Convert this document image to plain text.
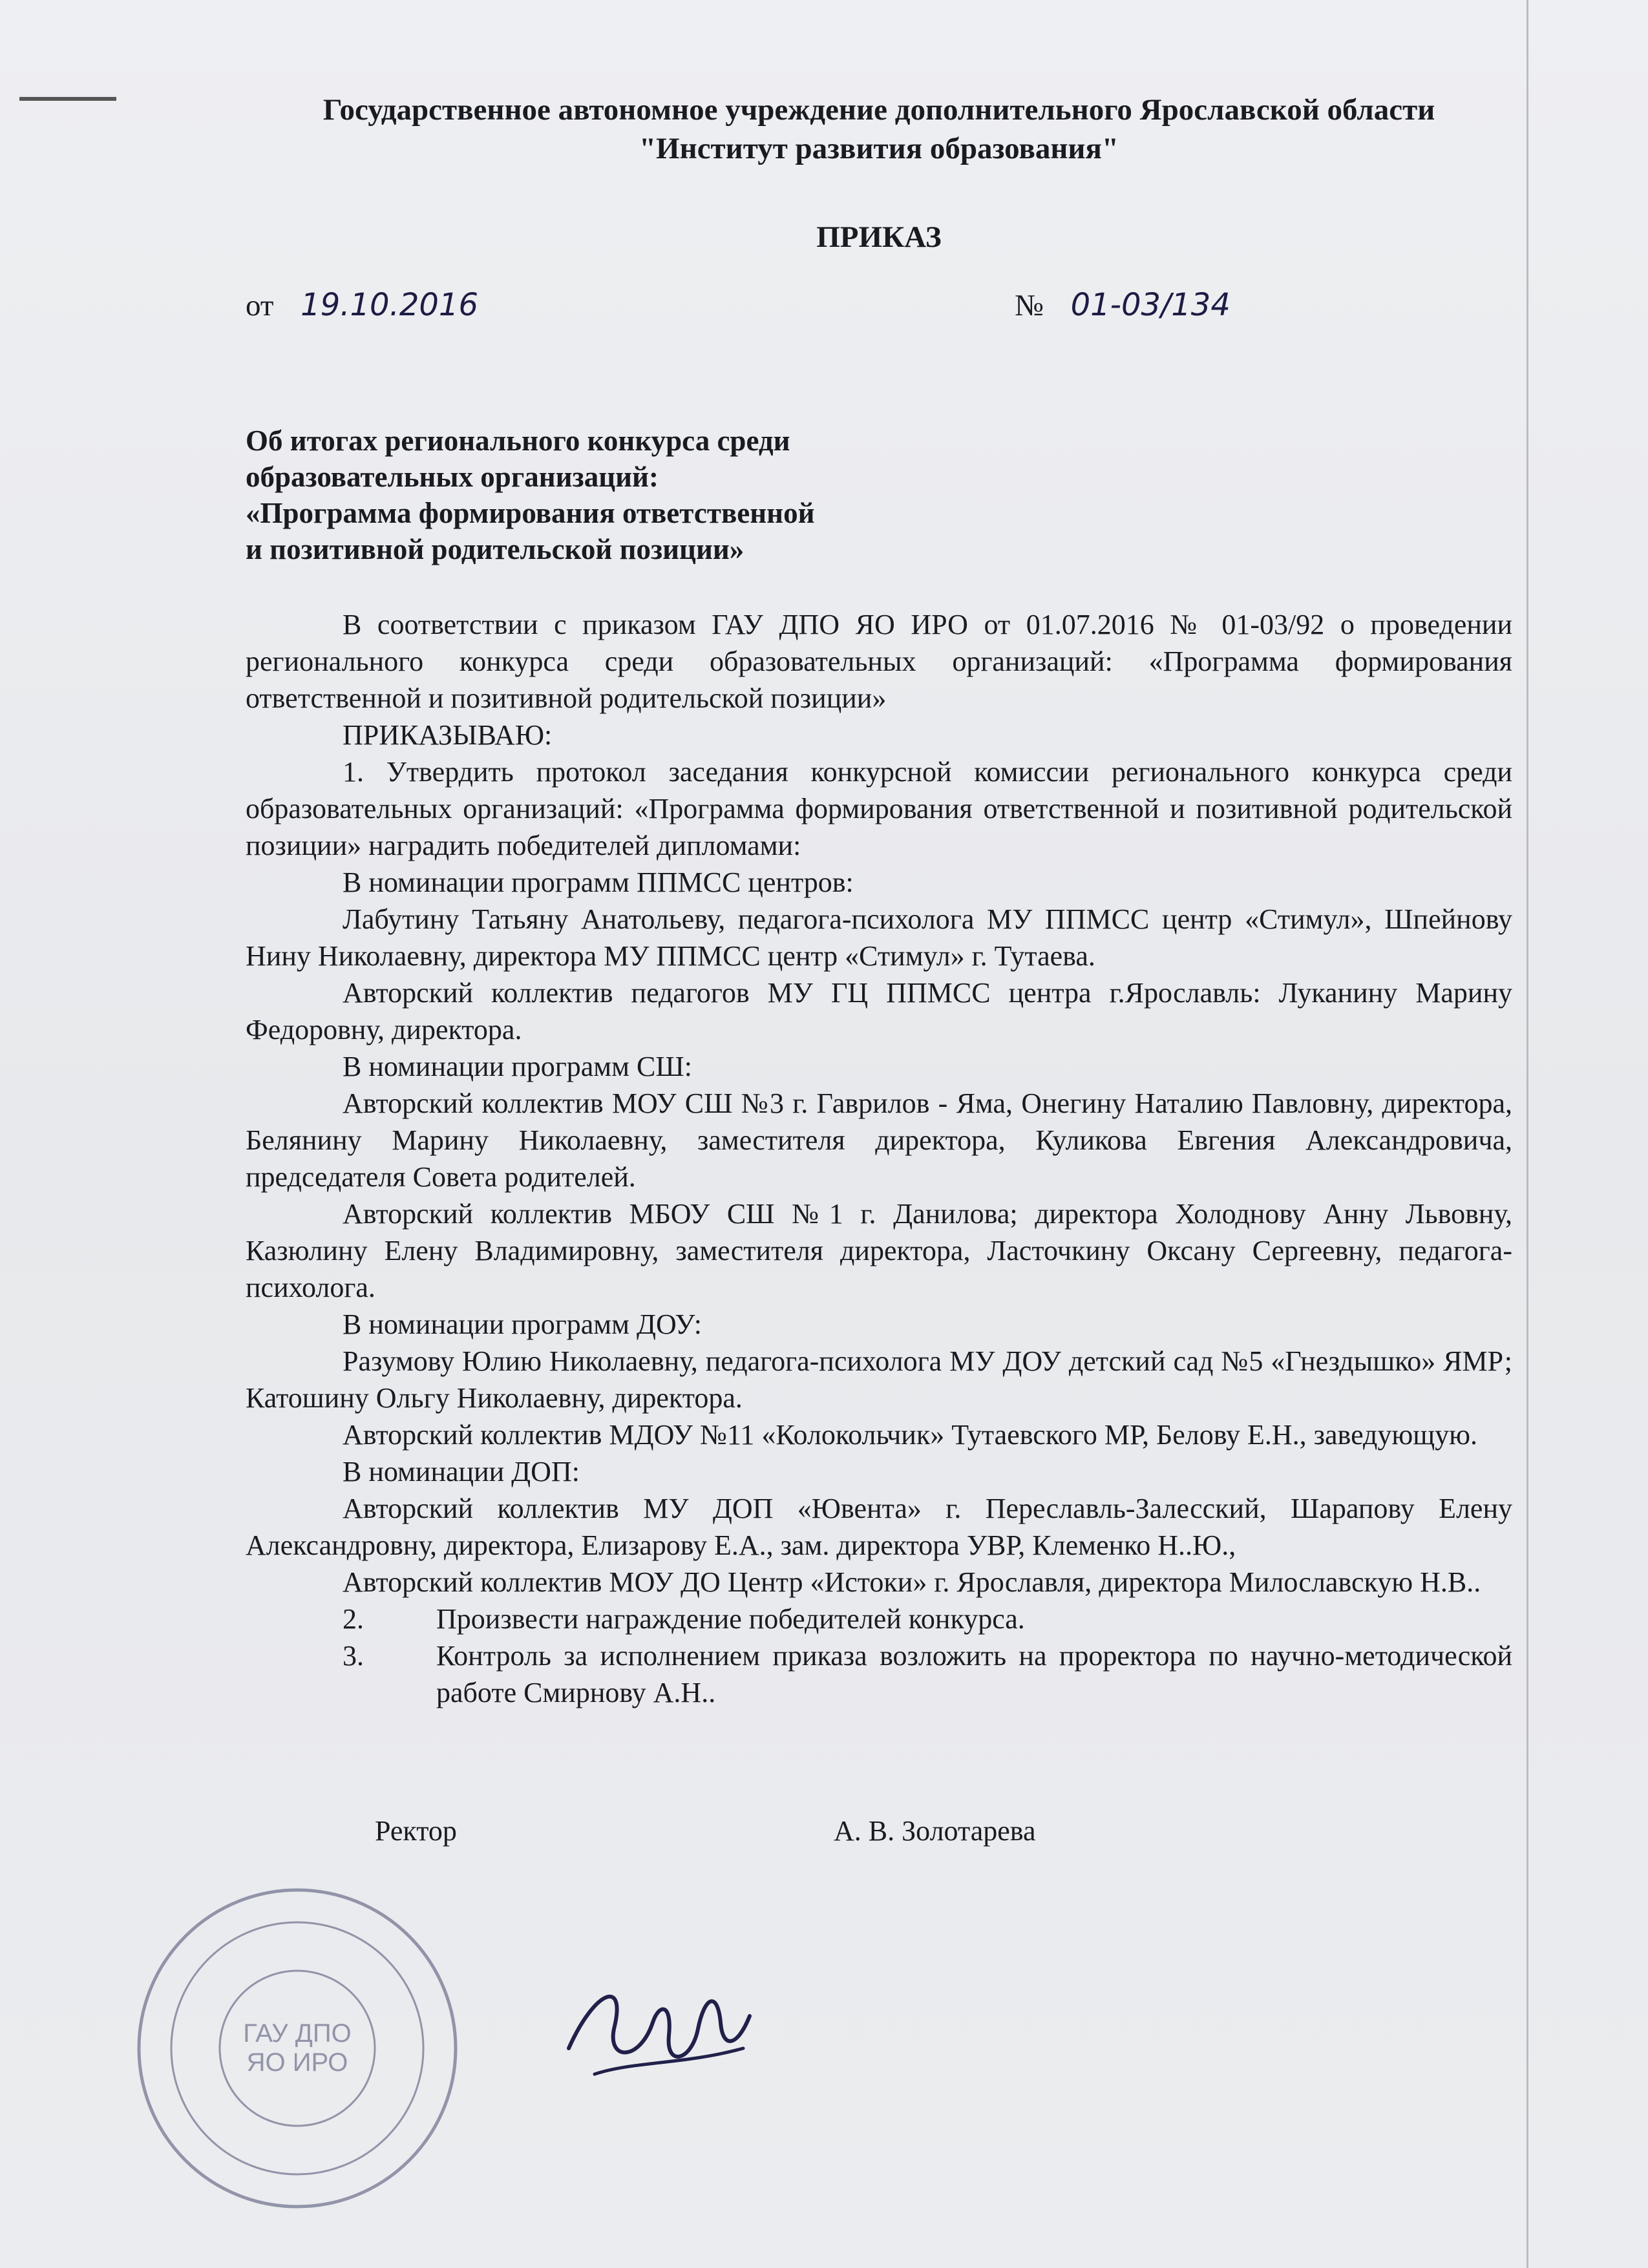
Государственное автономное учреждение дополнительного Ярославской области
"Институт развития образования"
ПРИКАЗ
от 19.10.2016	№ 01-03/134
Об итогах регионального конкурса среди
образовательных организаций:
«Программа формирования ответственной
и позитивной родительской позиции»

В соответствии с приказом ГАУ ДПО ЯО ИРО от 01.07.2016 № 01-03/92 о проведении регионального конкурса среди образовательных организаций: «Программа формирования ответственной и позитивной родительской позиции»

ПРИКАЗЫВАЮ:

1. Утвердить протокол заседания конкурсной комиссии регионального конкурса среди образовательных организаций: «Программа формирования ответственной и позитивной родительской позиции» наградить победителей дипломами:

В номинации программ ППМСС центров:

Лабутину Татьяну Анатольеву, педагога-психолога МУ ППМСС центр «Стимул», Шпейнову Нину Николаевну, директора МУ ППМСС центр «Стимул» г. Тутаева.

Авторский коллектив педагогов МУ ГЦ ППМСС центра г.Ярославль: Луканину Марину Федоровну, директора.

В номинации программ СШ:

Авторский коллектив МОУ СШ №3 г. Гаврилов - Яма, Онегину Наталию Павловну, директора, Белянину Марину Николаевну, заместителя директора, Куликова Евгения Александровича, председателя Совета родителей.

Авторский коллектив МБОУ СШ №1 г. Данилова; директора Холоднову Анну Львовну, Казюлину Елену Владимировну, заместителя директора, Ласточкину Оксану Сергеевну, педагога-психолога.

В номинации программ ДОУ:

Разумову Юлию Николаевну, педагога-психолога МУ ДОУ детский сад №5 «Гнездышко» ЯМР; Катошину Ольгу Николаевну, директора.

Авторский коллектив МДОУ №11 «Колокольчик» Тутаевского МР, Белову Е.Н., заведующую.

В номинации ДОП:

Авторский коллектив МУ ДОП «Ювента» г. Переславль-Залесский, Шарапову Елену Александровну, директора, Елизарову Е.А., зам. директора УВР, Клеменко Н..Ю.,

Авторский коллектив МОУ ДО Центр «Истоки» г. Ярославля, директора Милославскую Н.В..

2.	Произвести награждение победителей конкурса.
3.	Контроль за исполнением приказа возложить на проректора по научно-методической работе Смирнову А.Н..
Ректор	А. В. Золотарева
ГАУ ДПО
ЯО ИРО
